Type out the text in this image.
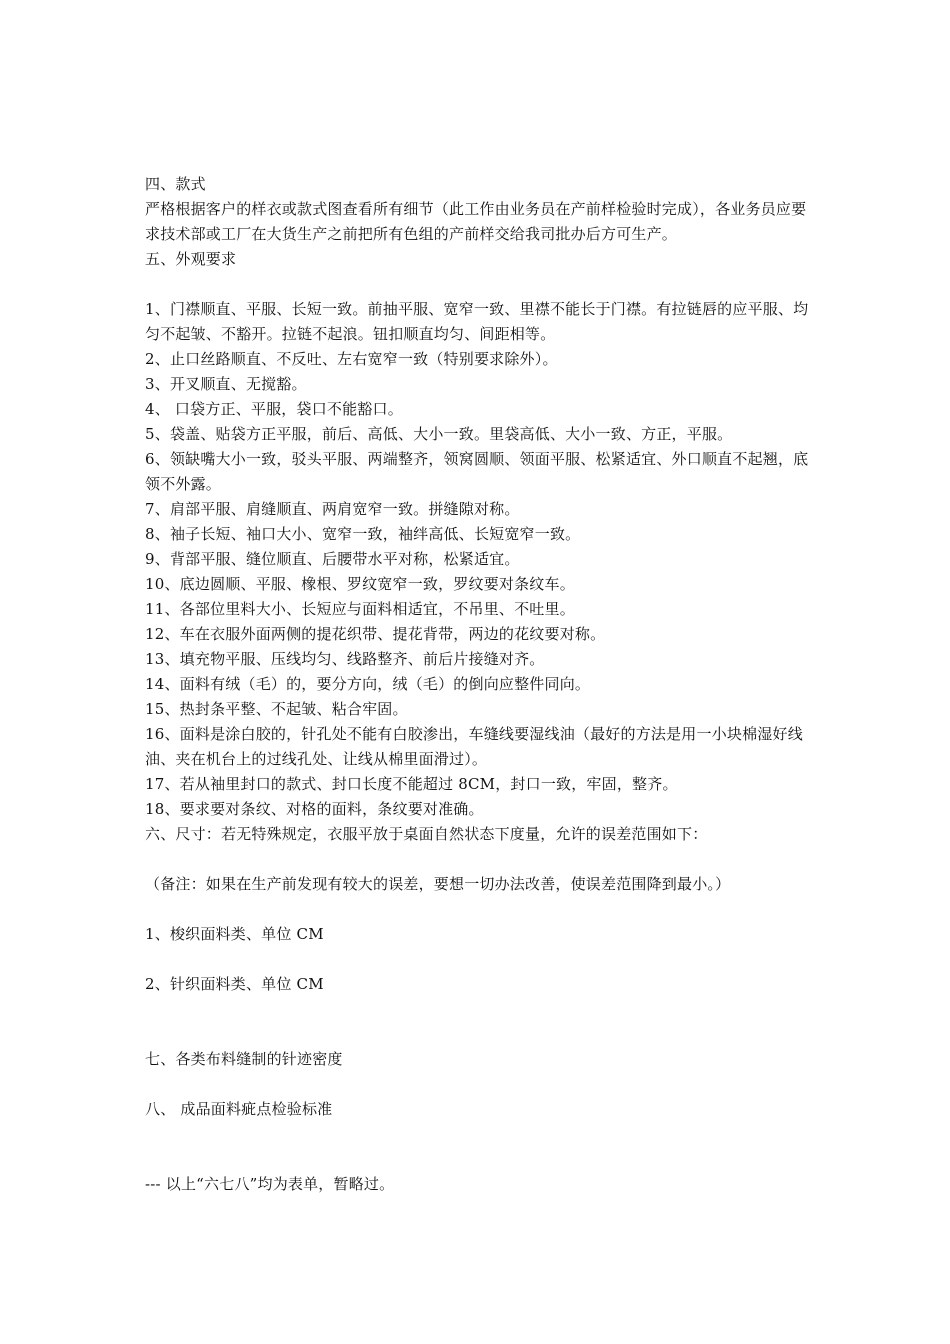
四、款式
严格根据客户的样衣或款式图查看所有细节（此工作由业务员在产前样检验时完成），各业务员应要求技术部或工厂在大货生产之前把所有色组的产前样交给我司批办后方可生产。
五、外观要求
1、门襟顺直、平服、长短一致。前抽平服、宽窄一致、里襟不能长于门襟。有拉链唇的应平服、均匀不起皱、不豁开。拉链不起浪。钮扣顺直均匀、间距相等。
2、止口丝路顺直、不反吐、左右宽窄一致（特别要求除外）。
3、开叉顺直、无搅豁。
4、 口袋方正、平服，袋口不能豁口。
5、袋盖、贴袋方正平服，前后、高低、大小一致。里袋高低、大小一致、方正，平服。
6、领缺嘴大小一致，驳头平服、两端整齐，领窝圆顺、领面平服、松紧适宜、外口顺直不起翘，底领不外露。
7、肩部平服、肩缝顺直、两肩宽窄一致。拼缝隙对称。
8、袖子长短、袖口大小、宽窄一致，袖绊高低、长短宽窄一致。
9、背部平服、缝位顺直、后腰带水平对称，松紧适宜。
10、底边圆顺、平服、橡根、罗纹宽窄一致，罗纹要对条纹车。
11、各部位里料大小、长短应与面料相适宜，不吊里、不吐里。
12、车在衣服外面两侧的提花织带、提花背带，两边的花纹要对称。
13、填充物平服、压线均匀、线路整齐、前后片接缝对齐。
14、面料有绒（毛）的，要分方向，绒（毛）的倒向应整件同向。
15、热封条平整、不起皱、粘合牢固。
16、面料是涂白胶的，针孔处不能有白胶渗出，车缝线要湿线油（最好的方法是用一小块棉湿好线油、夹在机台上的过线孔处、让线从棉里面滑过）。
17、若从袖里封口的款式、封口长度不能超过 8CM，封口一致，牢固，整齐。
18、要求要对条纹、对格的面料，条纹要对准确。
六、尺寸：若无特殊规定，衣服平放于桌面自然状态下度量，允许的误差范围如下：
（备注：如果在生产前发现有较大的误差，要想一切办法改善，使误差范围降到最小。）
1、梭织面料类、单位 CM
2、针织面料类、单位 CM
七、各类布料缝制的针迹密度
八、 成品面料疵点检验标准
--- 以上“六七八”均为表单，暂略过。
